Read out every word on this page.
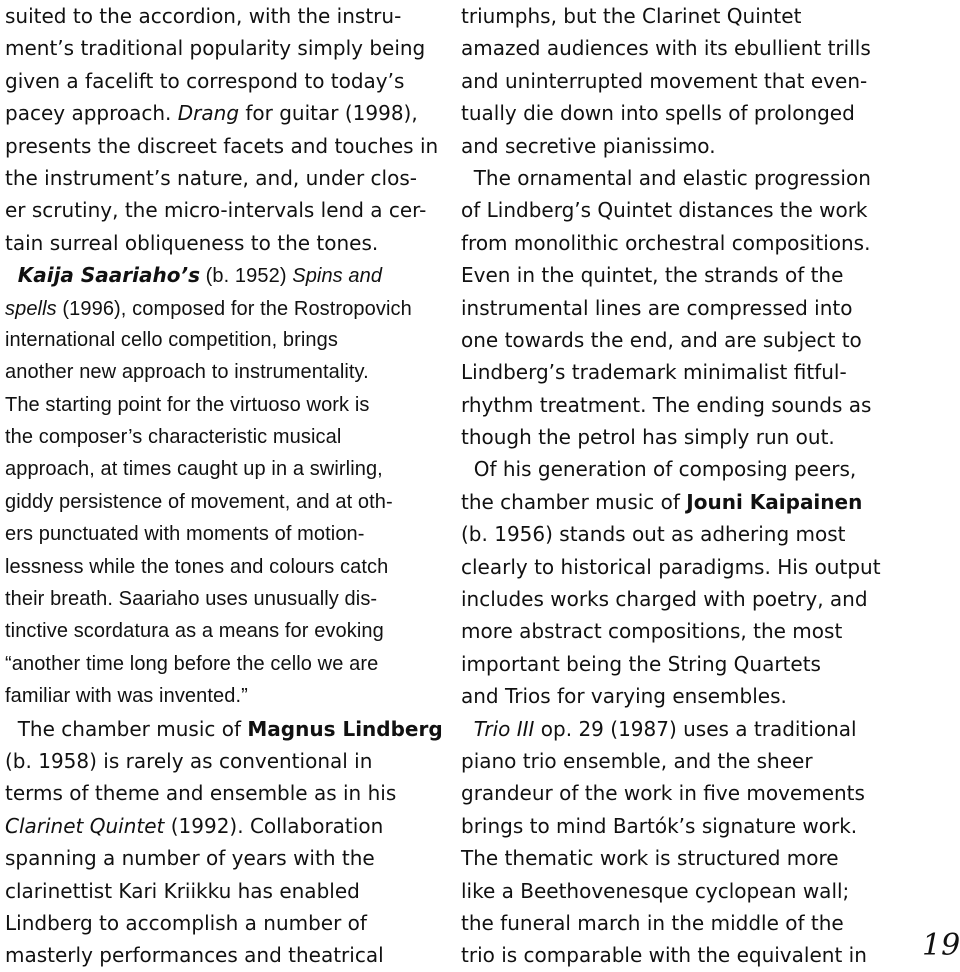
suited to the accordion, with the instru-
ment’s traditional popularity simply being
given a facelift to correspond to today’s
pacey approach. Drang for guitar (1998),
presents the discreet facets and touches in
the instrument’s nature, and, under clos-
er scrutiny, the micro-intervals lend a cer-
tain surreal obliqueness to the tones.
Kaija Saariaho’s (b. 1952) Spins and
spells (1996), composed for the Rostropovich
international cello competition, brings
another new approach to instrumentality.
The starting point for the virtuoso work is
the composer’s characteristic musical
approach, at times caught up in a swirling,
giddy persistence of movement, and at oth-
ers punctuated with moments of motion-
lessness while the tones and colours catch
their breath. Saariaho uses unusually dis-
tinctive scordatura as a means for evoking
“another time long before the cello we are
familiar with was invented.”
The chamber music of Magnus Lindberg
(b. 1958) is rarely as conventional in
terms of theme and ensemble as in his
Clarinet Quintet (1992). Collaboration
spanning a number of years with the
clarinettist Kari Kriikku has enabled
Lindberg to accomplish a number of
masterly performances and theatrical
triumphs, but the Clarinet Quintet
amazed audiences with its ebullient trills
and uninterrupted movement that even-
tually die down into spells of prolonged
and secretive pianissimo.
The ornamental and elastic progression
of Lindberg’s Quintet distances the work
from monolithic orchestral compositions.
Even in the quintet, the strands of the
instrumental lines are compressed into
one towards the end, and are subject to
Lindberg’s trademark minimalist fitful-
rhythm treatment. The ending sounds as
though the petrol has simply run out.
Of his generation of composing peers,
the chamber music of Jouni Kaipainen
(b. 1956) stands out as adhering most
clearly to historical paradigms. His output
includes works charged with poetry, and
more abstract compositions, the most
important being the String Quartets
and Trios for varying ensembles.
Trio III op. 29 (1987) uses a traditional
piano trio ensemble, and the sheer
grandeur of the work in five movements
brings to mind Bartók’s signature work.
The thematic work is structured more
like a Beethovenesque cyclopean wall;
the funeral march in the middle of the
trio is comparable with the equivalent in	19
